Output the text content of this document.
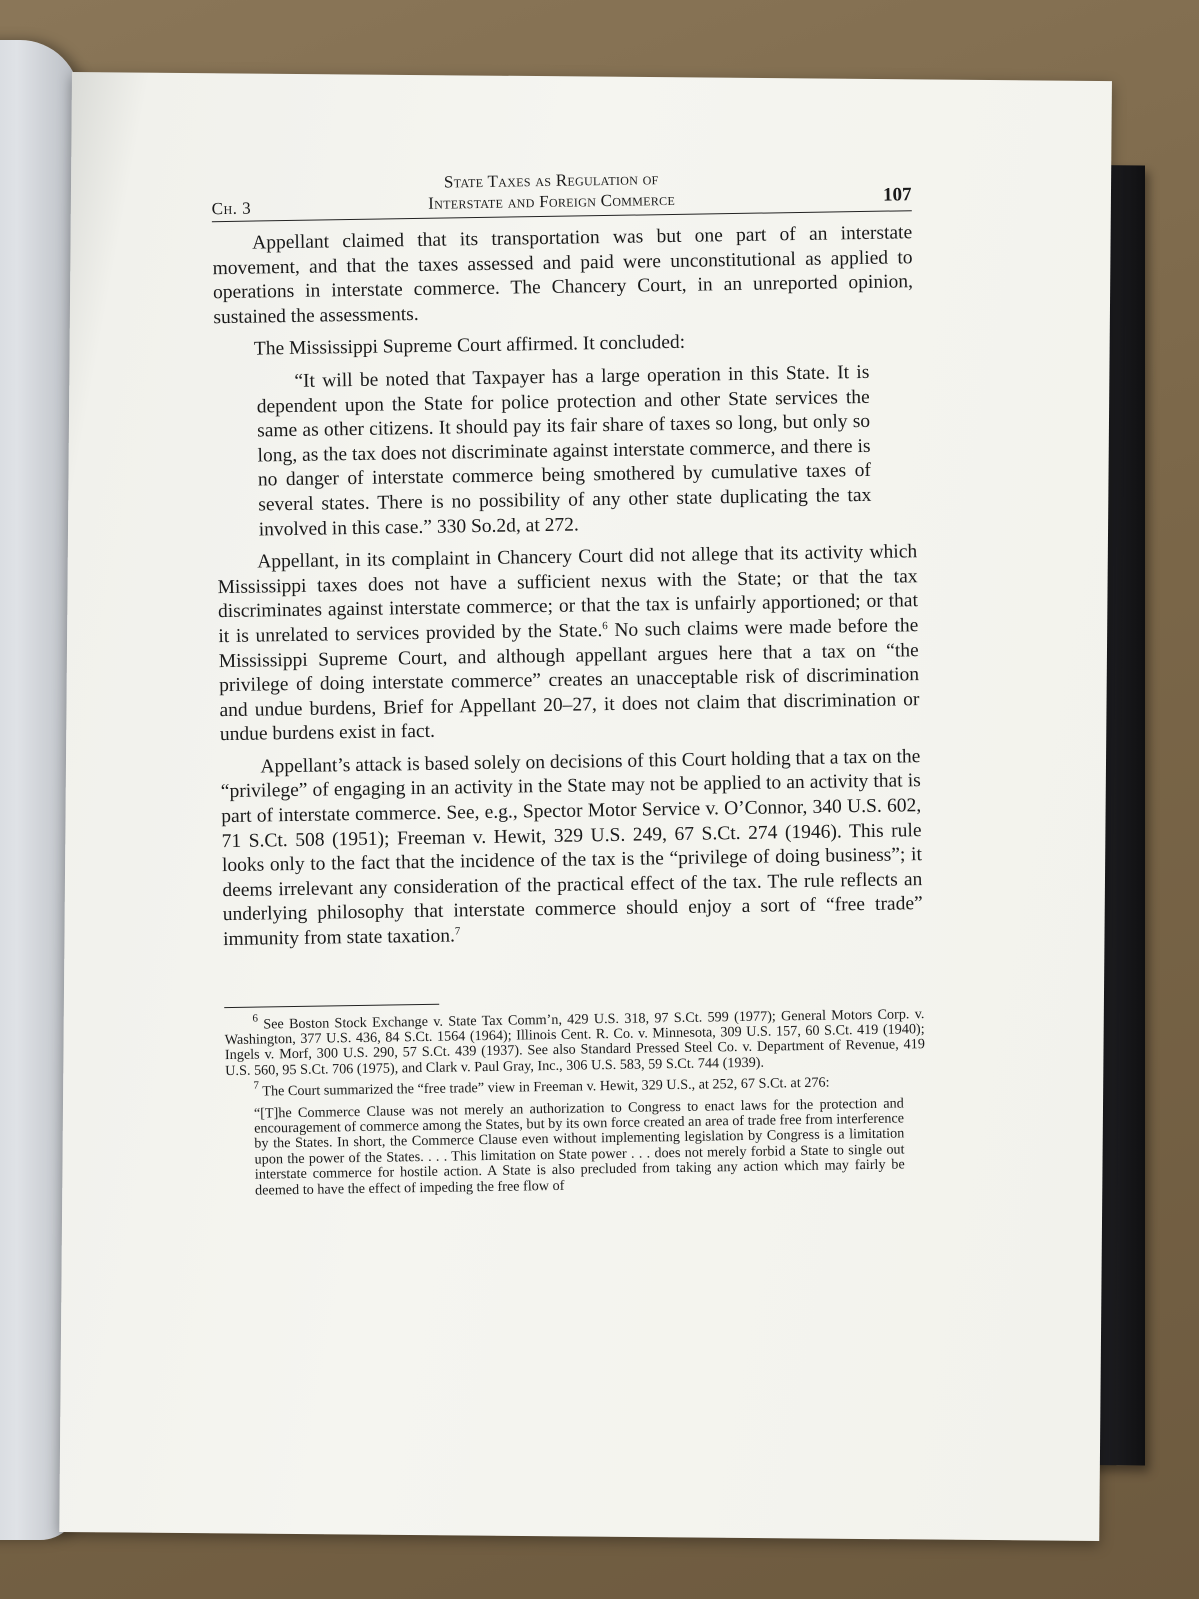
Ch. 3
State Taxes as Regulation of
Interstate and Foreign Commerce	107

Appellant claimed that its transportation was but one part of an interstate movement, and that the taxes assessed and paid were unconstitutional as applied to operations in interstate commerce. The Chancery Court, in an unreported opinion, sustained the assessments.

The Mississippi Supreme Court affirmed. It concluded:

“It will be noted that Taxpayer has a large operation in this State. It is dependent upon the State for police protection and other State services the same as other citizens. It should pay its fair share of taxes so long, but only so long, as the tax does not discriminate against interstate commerce, and there is no danger of interstate commerce being smothered by cumulative taxes of several states. There is no possibility of any other state duplicating the tax involved in this case.” 330 So.2d, at 272.

Appellant, in its complaint in Chancery Court did not allege that its activity which Mississippi taxes does not have a sufficient nexus with the State; or that the tax discriminates against interstate commerce; or that the tax is unfairly apportioned; or that it is unrelated to services provided by the State.$^6$ No such claims were made before the Mississippi Supreme Court, and although appellant argues here that a tax on “the privilege of doing interstate commerce” creates an unacceptable risk of discrimination and undue burdens, Brief for Appellant 20–27, it does not claim that discrimination or undue burdens exist in fact.

Appellant’s attack is based solely on decisions of this Court holding that a tax on the “privilege” of engaging in an activity in the State may not be applied to an activity that is part of interstate commerce. See, e.g., Spector Motor Service v. O’Connor, 340 U.S. 602, 71 S.Ct. 508 (1951); Freeman v. Hewit, 329 U.S. 249, 67 S.Ct. 274 (1946). This rule looks only to the fact that the incidence of the tax is the “privilege of doing business”; it deems irrelevant any consideration of the practical effect of the tax. The rule reflects an underlying philosophy that interstate commerce should enjoy a sort of “free trade” immunity from state taxation.$^7$

$^6$ See Boston Stock Exchange v. State Tax Comm’n, 429 U.S. 318, 97 S.Ct. 599 (1977); General Motors Corp. v. Washington, 377 U.S. 436, 84 S.Ct. 1564 (1964); Illinois Cent. R. Co. v. Minnesota, 309 U.S. 157, 60 S.Ct. 419 (1940); Ingels v. Morf, 300 U.S. 290, 57 S.Ct. 439 (1937). See also Standard Pressed Steel Co. v. Department of Revenue, 419 U.S. 560, 95 S.Ct. 706 (1975), and Clark v. Paul Gray, Inc., 306 U.S. 583, 59 S.Ct. 744 (1939).

$^7$ The Court summarized the “free trade” view in Freeman v. Hewit, 329 U.S., at 252, 67 S.Ct. at 276:

“[T]he Commerce Clause was not merely an authorization to Congress to enact laws for the protection and encouragement of commerce among the States, but by its own force created an area of trade free from interference by the States. In short, the Commerce Clause even without implementing legislation by Congress is a limitation upon the power of the States. . . . This limitation on State power . . . does not merely forbid a State to single out interstate commerce for hostile action. A State is also precluded from taking any action which may fairly be deemed to have the effect of impeding the free flow of
